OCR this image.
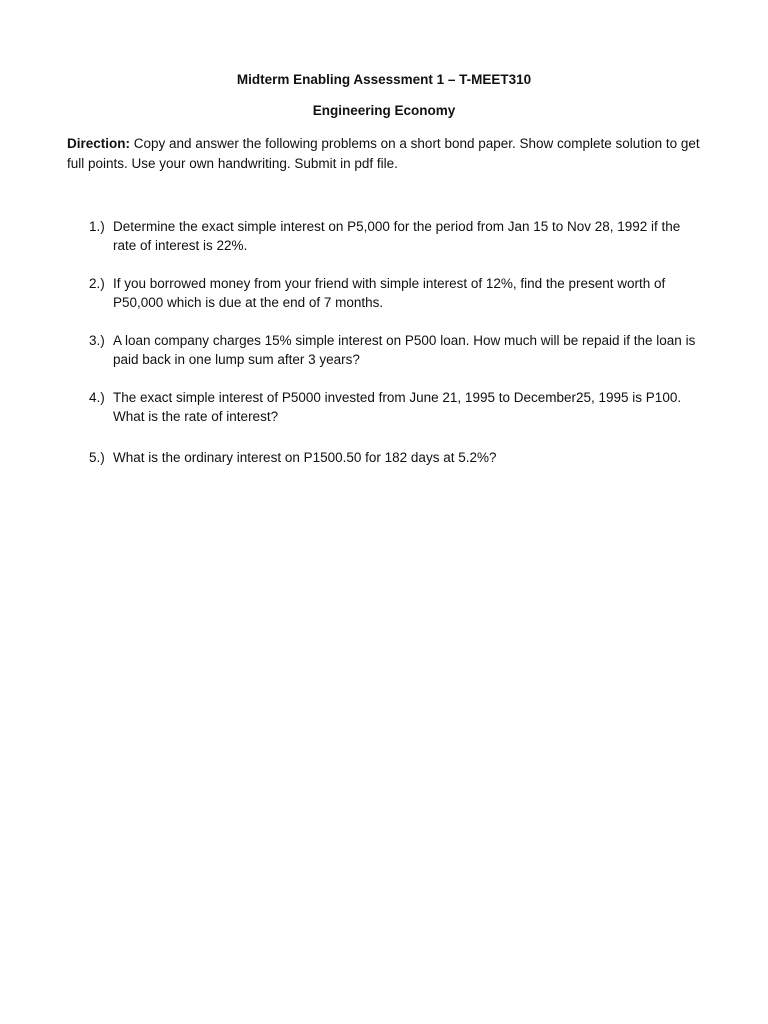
Midterm Enabling Assessment 1 – T-MEET310
Engineering Economy
Direction: Copy and answer the following problems on a short bond paper. Show complete solution to get full points. Use your own handwriting. Submit in pdf file.
1.) Determine the exact simple interest on P5,000 for the period from Jan 15 to Nov 28, 1992 if the rate of interest is 22%.
2.) If you borrowed money from your friend with simple interest of 12%, find the present worth of P50,000 which is due at the end of 7 months.
3.) A loan company charges 15% simple interest on P500 loan. How much will be repaid if the loan is paid back in one lump sum after 3 years?
4.) The exact simple interest of P5000 invested from June 21, 1995 to December25, 1995 is P100. What is the rate of interest?
5.) What is the ordinary interest on P1500.50 for 182 days at 5.2%?
